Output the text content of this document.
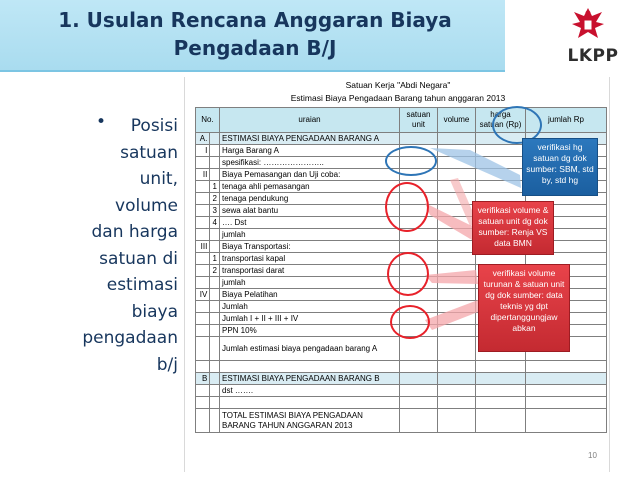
1. Usulan Rencana Anggaran Biaya
Pengadaan B/J	LKPP
•	Posisi
satuan
unit,
volume
dan harga
satuan di
estimasi
biaya
pengadaan
b/j
Satuan Kerja "Abdi Negara"
Estimasi Biaya Pengadaan Barang tahun anggaran 2013
No.		uraian	satuan unit	volume	harga satuan (Rp)	jumlah Rp
A.		ESTIMASI BIAYA PENGADAAN BARANG A				
I		Harga Barang A				
		spesifikasi: …………………..				
II		Biaya Pemasangan dan Uji coba:				
	1	tenaga ahli pemasangan				
	2	tenaga pendukung				
	3	sewa alat bantu				
	4	…. Dst				
		jumlah				
III		Biaya Transportasi:				
	1	transportasi kapal				
	2	transportasi darat				
		jumlah				
IV		Biaya Pelatihan				
		Jumlah				
		Jumlah I + II + III + IV				
		PPN 10%				
		Jumlah estimasi biaya pengadaan barang A				

B		ESTIMASI BIAYA PENGADAAN BARANG B				
		dst …….				

		TOTAL ESTIMASI BIAYA PENGADAAN BARANG TAHUN ANGGARAN 2013				
verifikasi hg satuan dg dok sumber: SBM, std by, std hg
verifikasi volume & satuan unit dg dok sumber: Renja VS data BMN
verifikasi volume turunan & satuan unit dg dok sumber: data teknis yg dpt dipertanggungjaw abkan
10
